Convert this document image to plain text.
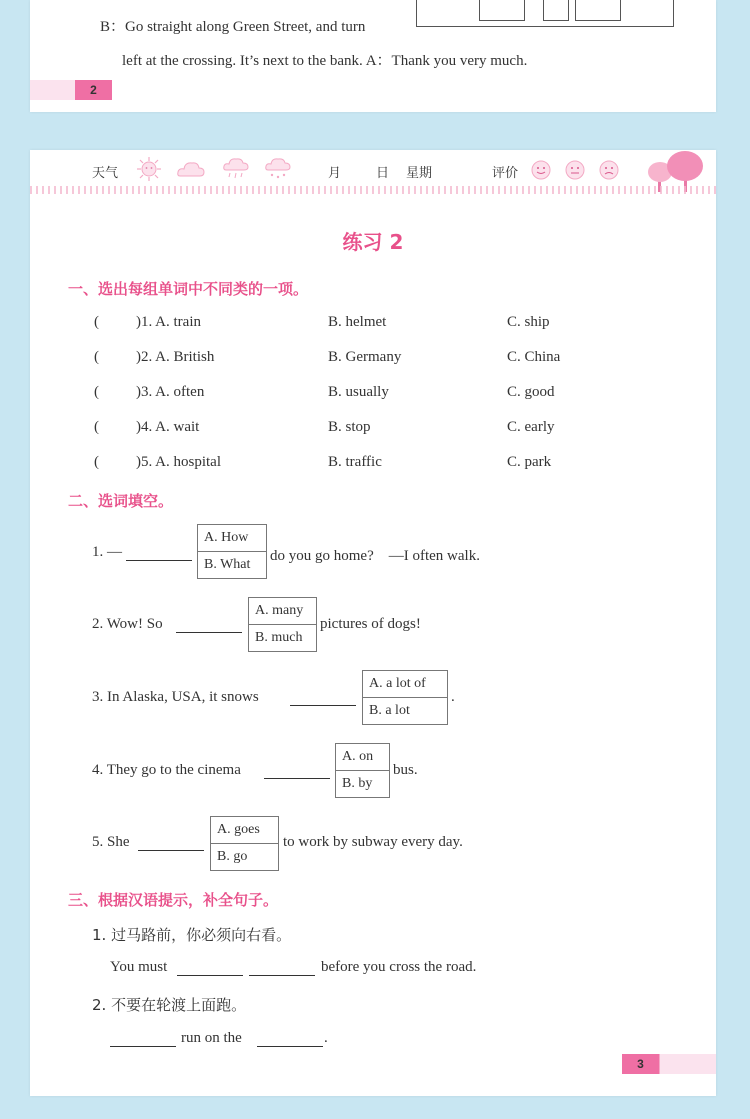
B：Go straight along Green Street, and turn
left at the crossing. It’s next to the bank. A：Thank you very much.
2
天气	月	日 星期	评价
练习 2
一、选出每组单词中不同类的一项。
( )1. A. train	B. helmet	C. ship
( )2. A. British	B. Germany	C. China
( )3. A. often	B. usually	C. good
( )4. A. wait	B. stop	C. early
( )5. A. hospital	B. traffic	C. park
二、选词填空。
1. —
A. How
B. What
do you go home?　—I often walk.
2. Wow! So
A. many
B. much
pictures of dogs!
3. In Alaska, USA, it snows
A. a lot of
B. a lot
.
4. They go to the cinema
A. on
B. by
bus.
5. She
A. goes
B. go
to work by subway every day.
三、根据汉语提示，补全句子。
1. 过马路前，你必须向右看。
You must	before you cross the road.
2. 不要在轮渡上面跑。
run on the	.
3
